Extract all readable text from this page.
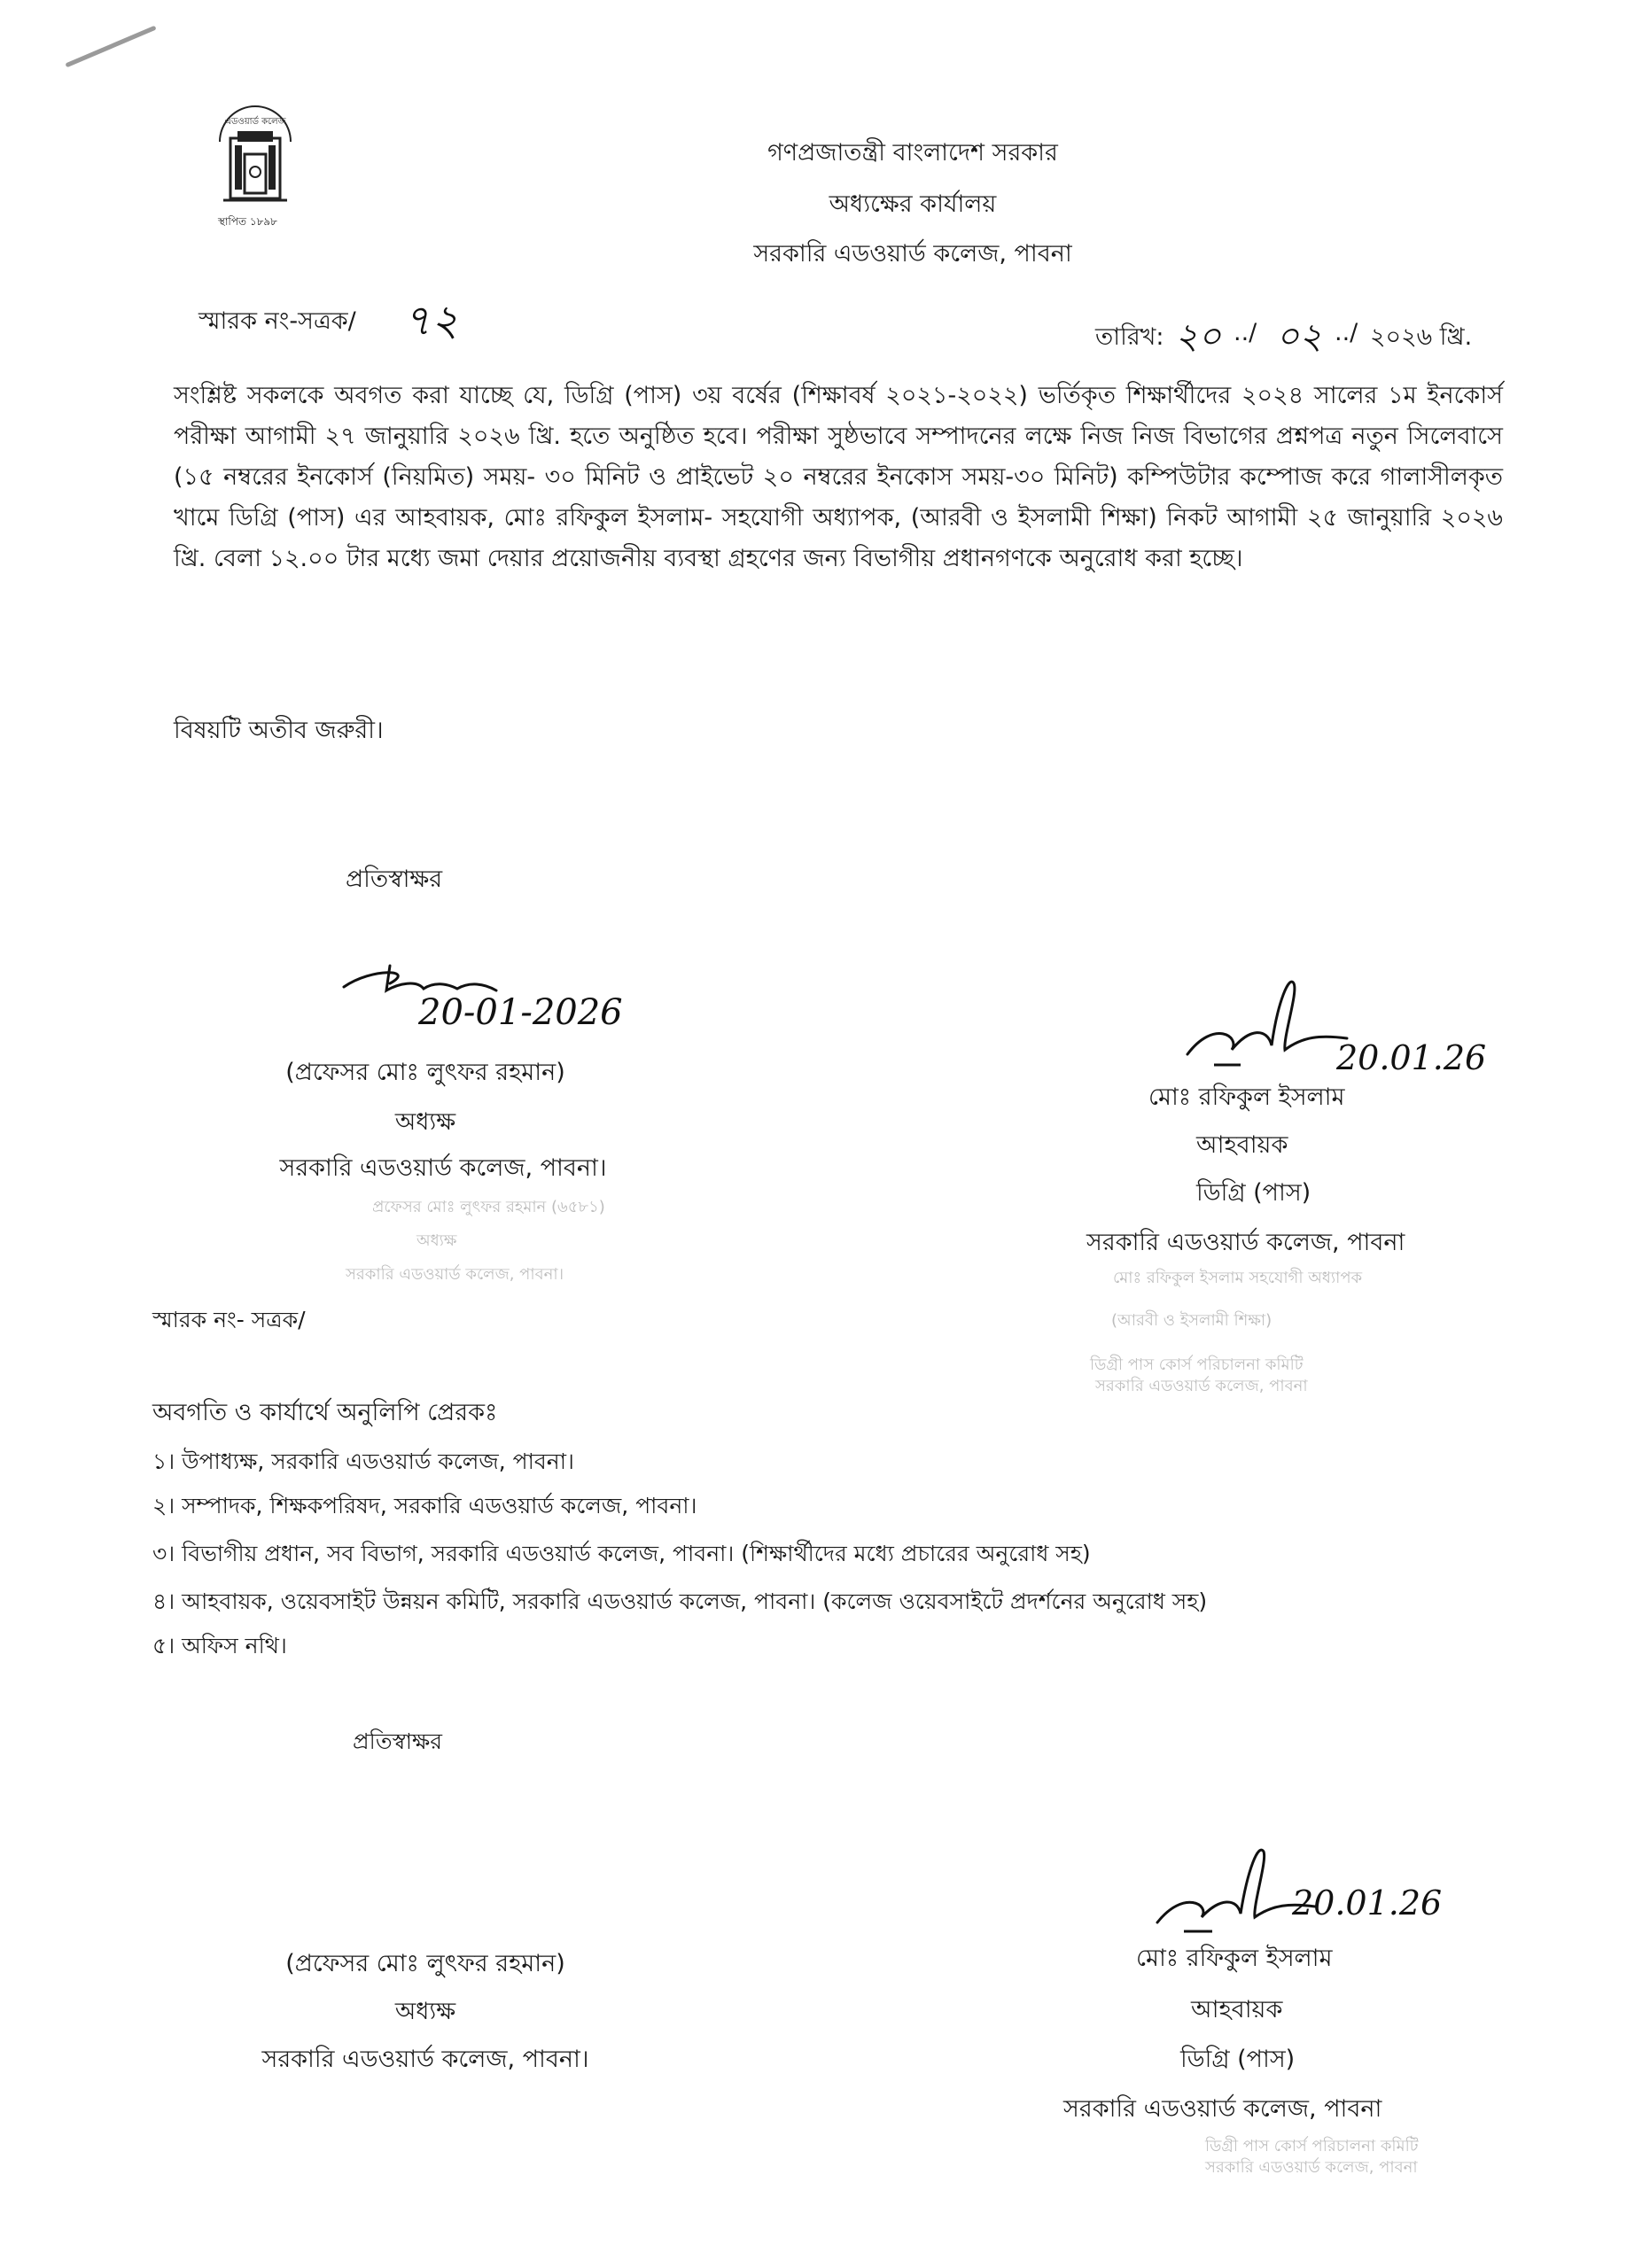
এডওয়ার্ড কলেজ
স্থাপিত ১৮৯৮
গণপ্রজাতন্ত্রী বাংলাদেশ সরকার
অধ্যক্ষের কার্যালয়
সরকারি এডওয়ার্ড কলেজ, পাবনা
স্মারক নং-সত্রক/ ৭২	তারিখ: ২০ ../ ০২ ../ ২০২৬ খ্রি.
সংশ্লিষ্ট সকলকে অবগত করা যাচ্ছে যে, ডিগ্রি (পাস) ৩য় বর্ষের (শিক্ষাবর্ষ ২০২১-২০২২) ভর্তিকৃত শিক্ষার্থীদের ২০২৪ সালের ১ম ইনকোর্স পরীক্ষা আগামী ২৭ জানুয়ারি ২০২৬ খ্রি. হতে অনুষ্ঠিত হবে। পরীক্ষা সুষ্ঠভাবে সম্পাদনের লক্ষে নিজ নিজ বিভাগের প্রশ্নপত্র নতুন সিলেবাসে (১৫ নম্বরের ইনকোর্স (নিয়মিত) সময়- ৩০ মিনিট ও প্রাইভেট ২০ নম্বরের ইনকোস সময়-৩০ মিনিট) কম্পিউটার কম্পোজ করে গালাসীলকৃত খামে ডিগ্রি (পাস) এর আহবায়ক, মোঃ রফিকুল ইসলাম- সহযোগী অধ্যাপক, (আরবী ও ইসলামী শিক্ষা) নিকট আগামী ২৫ জানুয়ারি ২০২৬ খ্রি. বেলা ১২.০০ টার মধ্যে জমা দেয়ার প্রয়োজনীয় ব্যবস্থা গ্রহণের জন্য বিভাগীয় প্রধানগণকে অনুরোধ করা হচ্ছে।
বিষয়টি অতীব জরুরী।
প্রতিস্বাক্ষর
20-01-2026
(প্রফেসর মোঃ লুৎফর রহমান)
অধ্যক্ষ
সরকারি এডওয়ার্ড কলেজ, পাবনা।
প্রফেসর মোঃ লুৎফর রহমান (৬৫৮১)
অধ্যক্ষ
সরকারি এডওয়ার্ড কলেজ, পাবনা।
20.01.26
মোঃ রফিকুল ইসলাম
আহবায়ক
ডিগ্রি (পাস)
সরকারি এডওয়ার্ড কলেজ, পাবনা
মোঃ রফিকুল ইসলাম সহযোগী অধ্যাপক
(আরবী ও ইসলামী শিক্ষা)
ডিগ্রী পাস কোর্স পরিচালনা কমিটি
সরকারি এডওয়ার্ড কলেজ, পাবনা
স্মারক নং- সত্রক/
অবগতি ও কার্যার্থে অনুলিপি প্রেরকঃ
১। উপাধ্যক্ষ, সরকারি এডওয়ার্ড কলেজ, পাবনা।
২। সম্পাদক, শিক্ষকপরিষদ, সরকারি এডওয়ার্ড কলেজ, পাবনা।
৩। বিভাগীয় প্রধান, সব বিভাগ, সরকারি এডওয়ার্ড কলেজ, পাবনা। (শিক্ষার্থীদের মধ্যে প্রচারের অনুরোধ সহ)
৪। আহবায়ক, ওয়েবসাইট উন্নয়ন কমিটি, সরকারি এডওয়ার্ড কলেজ, পাবনা। (কলেজ ওয়েবসাইটে প্রদর্শনের অনুরোধ সহ)
৫। অফিস নথি।
প্রতিস্বাক্ষর
(প্রফেসর মোঃ লুৎফর রহমান)
অধ্যক্ষ
সরকারি এডওয়ার্ড কলেজ, পাবনা।
20.01.26
মোঃ রফিকুল ইসলাম
আহবায়ক
ডিগ্রি (পাস)
সরকারি এডওয়ার্ড কলেজ, পাবনা
ডিগ্রী পাস কোর্স পরিচালনা কমিটি
সরকারি এডওয়ার্ড কলেজ, পাবনা
